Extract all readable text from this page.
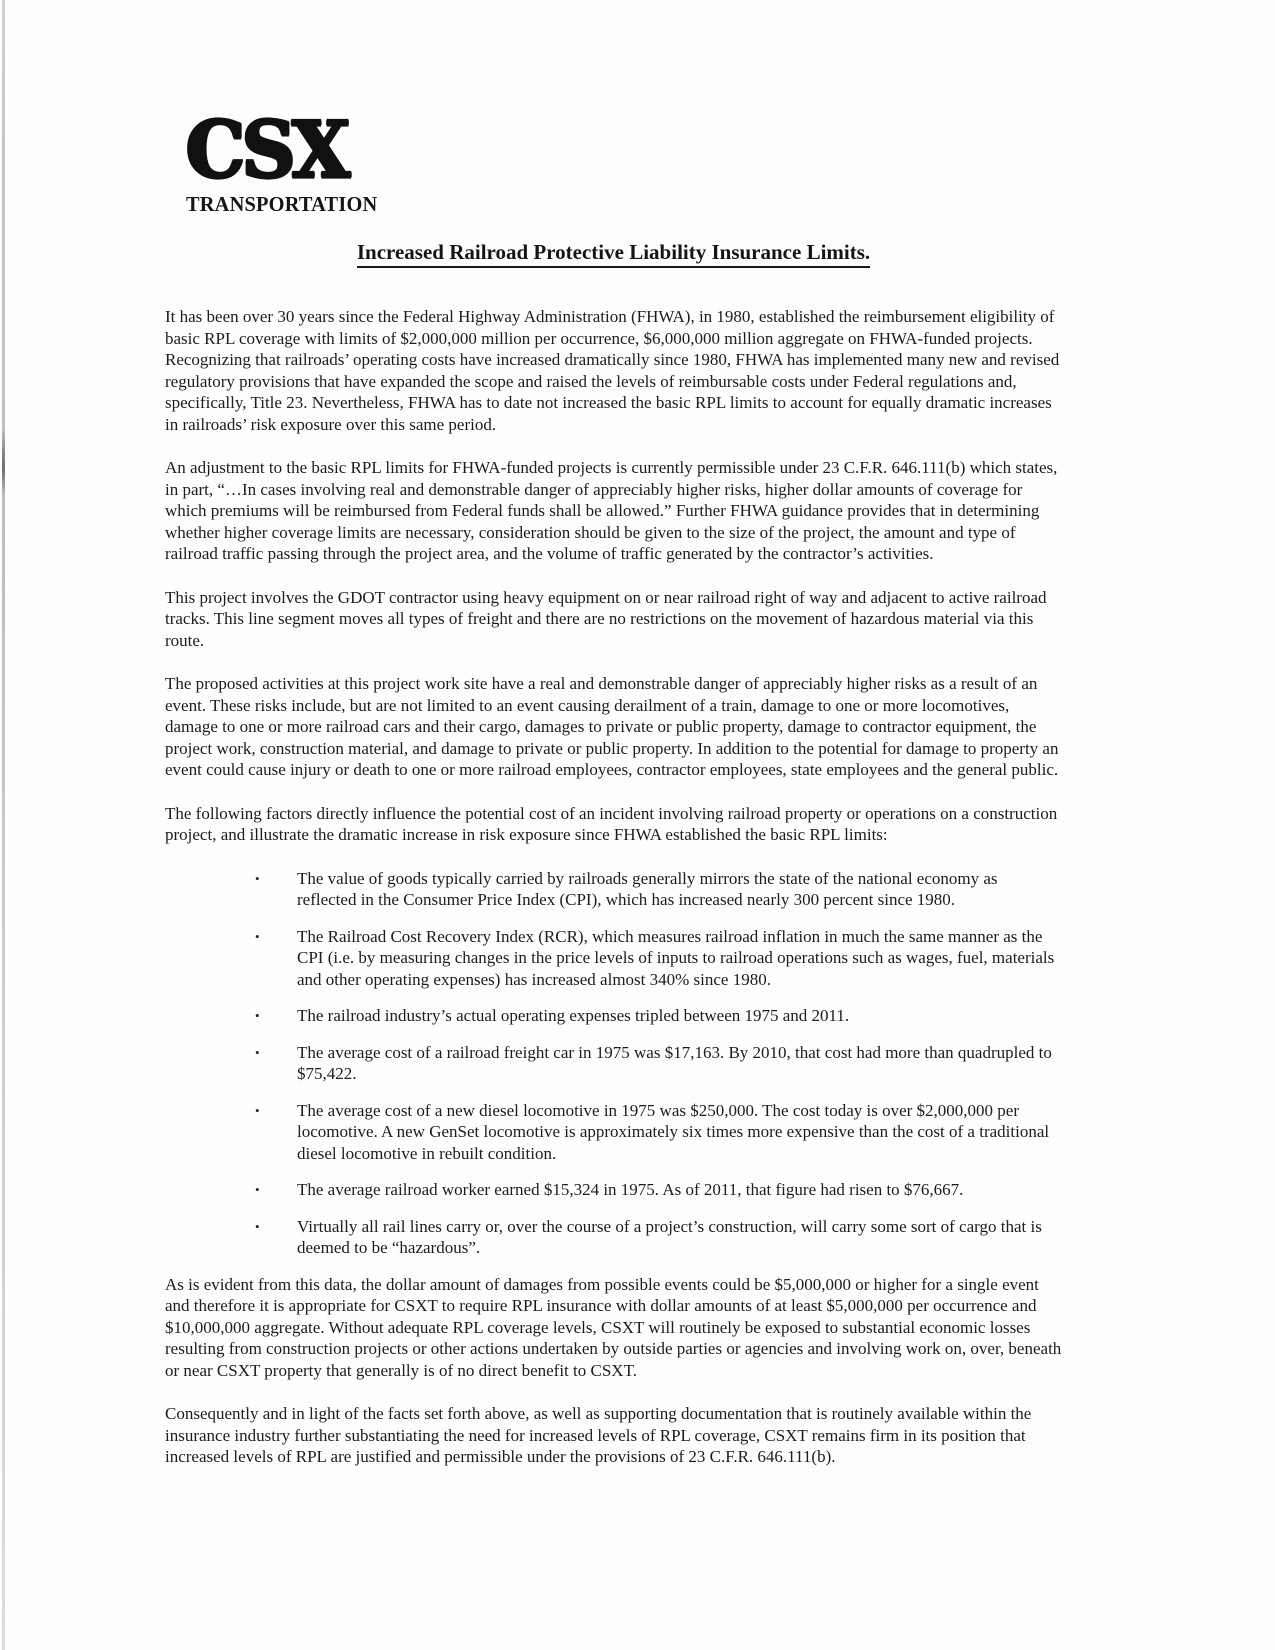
CSX
TRANSPORTATION
Increased Railroad Protective Liability Insurance Limits.

It has been over 30 years since the Federal Highway Administration (FHWA), in 1980, established the reimbursement eligibility of basic RPL coverage with limits of $2,000,000 million per occurrence, $6,000,000 million aggregate on FHWA-funded projects. Recognizing that railroads’ operating costs have increased dramatically since 1980, FHWA has implemented many new and revised regulatory provisions that have expanded the scope and raised the levels of reimbursable costs under Federal regulations and, specifically, Title 23. Nevertheless, FHWA has to date not increased the basic RPL limits to account for equally dramatic increases in railroads’ risk exposure over this same period.

An adjustment to the basic RPL limits for FHWA-funded projects is currently permissible under 23 C.F.R. 646.111(b) which states, in part, “…In cases involving real and demonstrable danger of appreciably higher risks, higher dollar amounts of coverage for which premiums will be reimbursed from Federal funds shall be allowed.” Further FHWA guidance provides that in determining whether higher coverage limits are necessary, consideration should be given to the size of the project, the amount and type of railroad traffic passing through the project area, and the volume of traffic generated by the contractor’s activities.

This project involves the GDOT contractor using heavy equipment on or near railroad right of way and adjacent to active railroad tracks. This line segment moves all types of freight and there are no restrictions on the movement of hazardous material via this route.

The proposed activities at this project work site have a real and demonstrable danger of appreciably higher risks as a result of an event. These risks include, but are not limited to an event causing derailment of a train, damage to one or more locomotives, damage to one or more railroad cars and their cargo, damages to private or public property, damage to contractor equipment, the project work, construction material, and damage to private or public property. In addition to the potential for damage to property an event could cause injury or death to one or more railroad employees, contractor employees, state employees and the general public.

The following factors directly influence the potential cost of an incident involving railroad property or operations on a construction project, and illustrate the dramatic increase in risk exposure since FHWA established the basic RPL limits:

•	The value of goods typically carried by railroads generally mirrors the state of the national economy as reflected in the Consumer Price Index (CPI), which has increased nearly 300 percent since 1980.
•	The Railroad Cost Recovery Index (RCR), which measures railroad inflation in much the same manner as the CPI (i.e. by measuring changes in the price levels of inputs to railroad operations such as wages, fuel, materials and other operating expenses) has increased almost 340% since 1980.
•	The railroad industry’s actual operating expenses tripled between 1975 and 2011.
•	The average cost of a railroad freight car in 1975 was $17,163. By 2010, that cost had more than quadrupled to $75,422.
•	The average cost of a new diesel locomotive in 1975 was $250,000. The cost today is over $2,000,000 per locomotive. A new GenSet locomotive is approximately six times more expensive than the cost of a traditional diesel locomotive in rebuilt condition.
•	The average railroad worker earned $15,324 in 1975. As of 2011, that figure had risen to $76,667.
•	Virtually all rail lines carry or, over the course of a project’s construction, will carry some sort of cargo that is deemed to be “hazardous”.

As is evident from this data, the dollar amount of damages from possible events could be $5,000,000 or higher for a single event and therefore it is appropriate for CSXT to require RPL insurance with dollar amounts of at least $5,000,000 per occurrence and $10,000,000 aggregate. Without adequate RPL coverage levels, CSXT will routinely be exposed to substantial economic losses resulting from construction projects or other actions undertaken by outside parties or agencies and involving work on, over, beneath or near CSXT property that generally is of no direct benefit to CSXT.

Consequently and in light of the facts set forth above, as well as supporting documentation that is routinely available within the insurance industry further substantiating the need for increased levels of RPL coverage, CSXT remains firm in its position that increased levels of RPL are justified and permissible under the provisions of 23 C.F.R. 646.111(b).
